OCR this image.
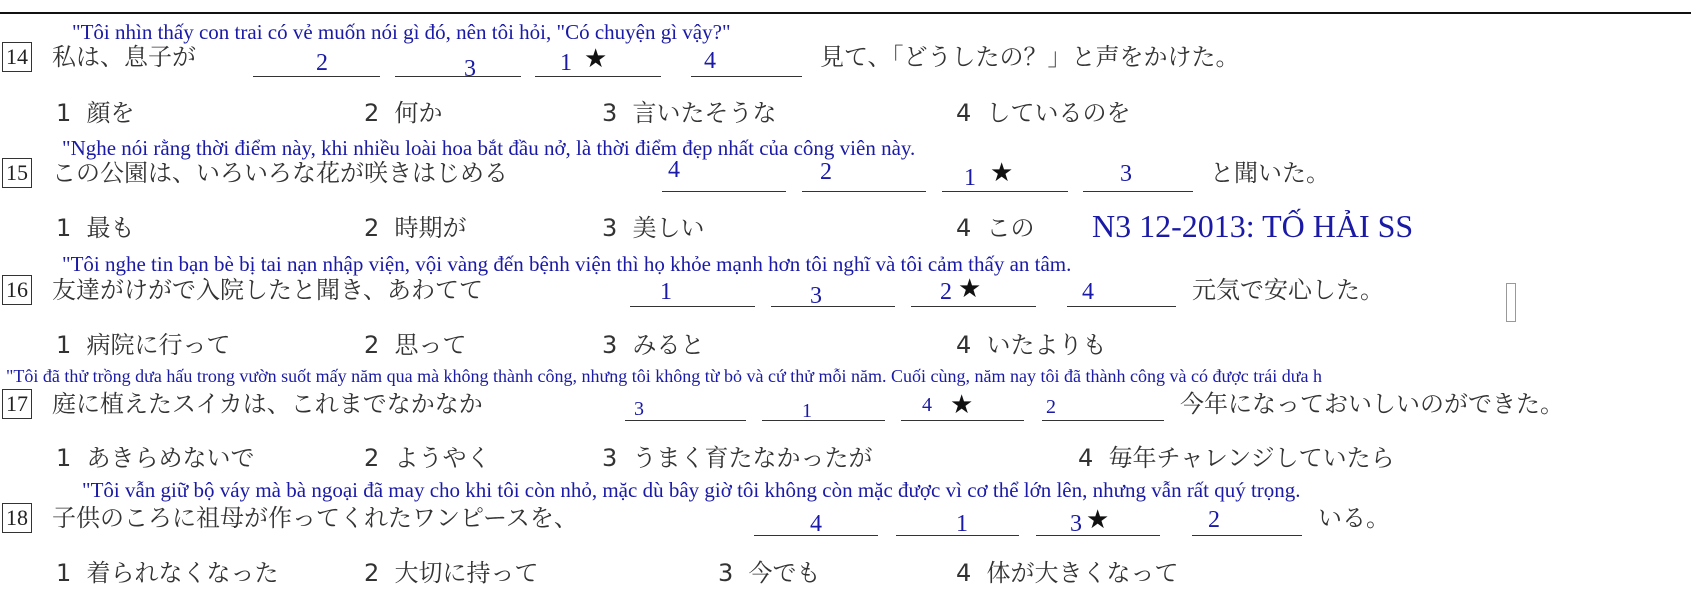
"Tôi nhìn thấy con trai có vẻ muốn nói gì đó, nên tôi hỏi, "Có chuyện gì vậy?"
14 私は、息子が	2	3	1 ★	4	見て、「どうしたの？」と声をかけた。
1 顔を	2 何か	3 言いたそうな	4 しているのを
"Nghe nói rằng thời điểm này, khi nhiều loài hoa bắt đầu nở, là thời điểm đẹp nhất của công viên này.
15 この公園は、いろいろな花が咲きはじめる	4	2	1 ★	3	と聞いた。
1 最も	2 時期が	3 美しい	4 この N3 12-2013: TỐ HẢI SS
"Tôi nghe tin bạn bè bị tai nạn nhập viện, vội vàng đến bệnh viện thì họ khỏe mạnh hơn tôi nghĩ và tôi cảm thấy an tâm.
16 友達がけがで入院したと聞き、あわてて	1	3	2 ★	4	元気で安心した。
1 病院に行って	2 思って	3 みると	4 いたよりも
"Tôi đã thử trồng dưa hấu trong vườn suốt mấy năm qua mà không thành công, nhưng tôi không từ bỏ và cứ thử mỗi năm. Cuối cùng, năm nay tôi đã thành công và có được trái dưa h
17 庭に植えたスイカは、これまでなかなか	3	1	4 ★	2	今年になっておいしいのができた。
1 あきらめないで	2 ようやく	3 うまく育たなかったが	4 毎年チャレンジしていたら
"Tôi vẫn giữ bộ váy mà bà ngoại đã may cho khi tôi còn nhỏ, mặc dù bây giờ tôi không còn mặc được vì cơ thể lớn lên, nhưng vẫn rất quý trọng.
18 子供のころに祖母が作ってくれたワンピースを、	4	1	3 ★	2	いる。
1 着られなくなった	2 大切に持って	3 今でも	4 体が大きくなって
